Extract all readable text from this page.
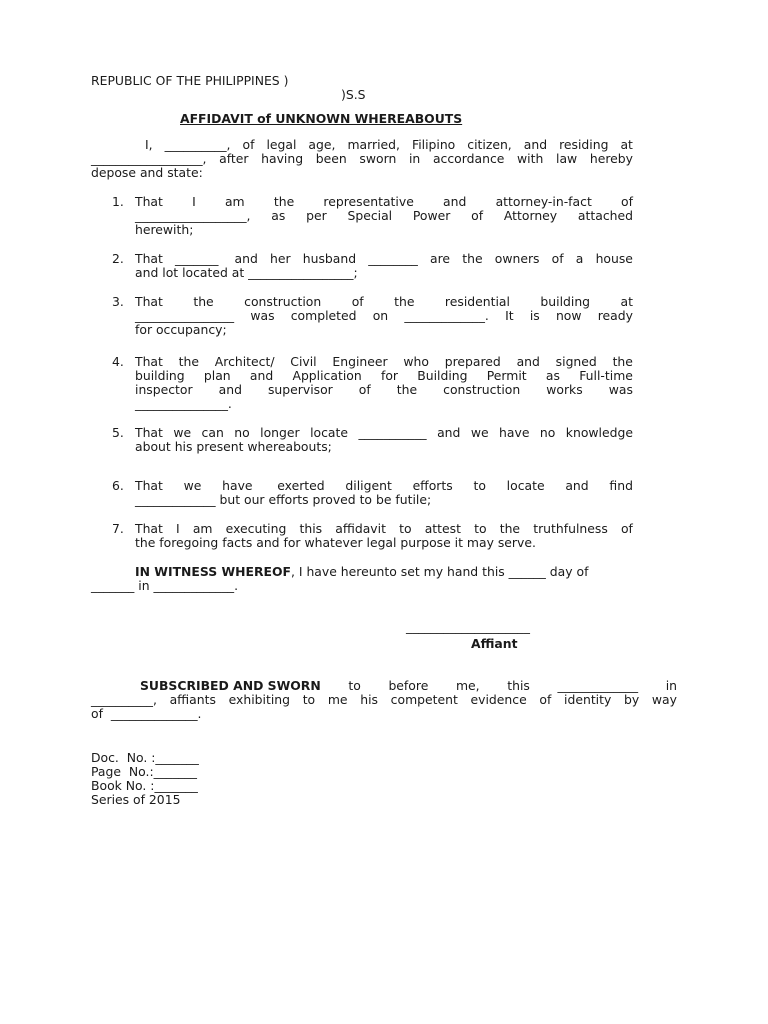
REPUBLIC OF THE PHILIPPINES )
)S.S
AFFIDAVIT of UNKNOWN WHEREABOUTS
I, __________, of legal age, married, Filipino citizen, and residing at
__________________, after having been sworn in accordance with law hereby
depose and state:
1. That I am the representative and attorney-in-fact of
__________________, as per Special Power of Attorney attached
herewith;
2. That _______ and her husband ________ are the owners of a house
and lot located at _________________;
3. That the construction of the residential building at
________________ was completed on _____________. It is now ready
for occupancy;
4. That the Architect/ Civil Engineer who prepared and signed the
building plan and Application for Building Permit as Full-time
inspector and supervisor of the construction works was
_______________.
5. That we can no longer locate ___________ and we have no knowledge
about his present whereabouts;
6. That we have exerted diligent efforts to locate and find
_____________ but our efforts proved to be futile;
7. That I am executing this affidavit to attest to the truthfulness of
the foregoing facts and for whatever legal purpose it may serve.
IN WITNESS WHEREOF, I have hereunto set my hand this ______ day of
_______ in _____________.
____________________
Affiant
SUBSCRIBED AND SWORN to before me, this _____________ in
__________, affiants exhibiting to me his competent evidence of identity by way
of  ______________.
Doc.  No. :_______
Page  No.:_______
Book No. :_______
Series of 2015
